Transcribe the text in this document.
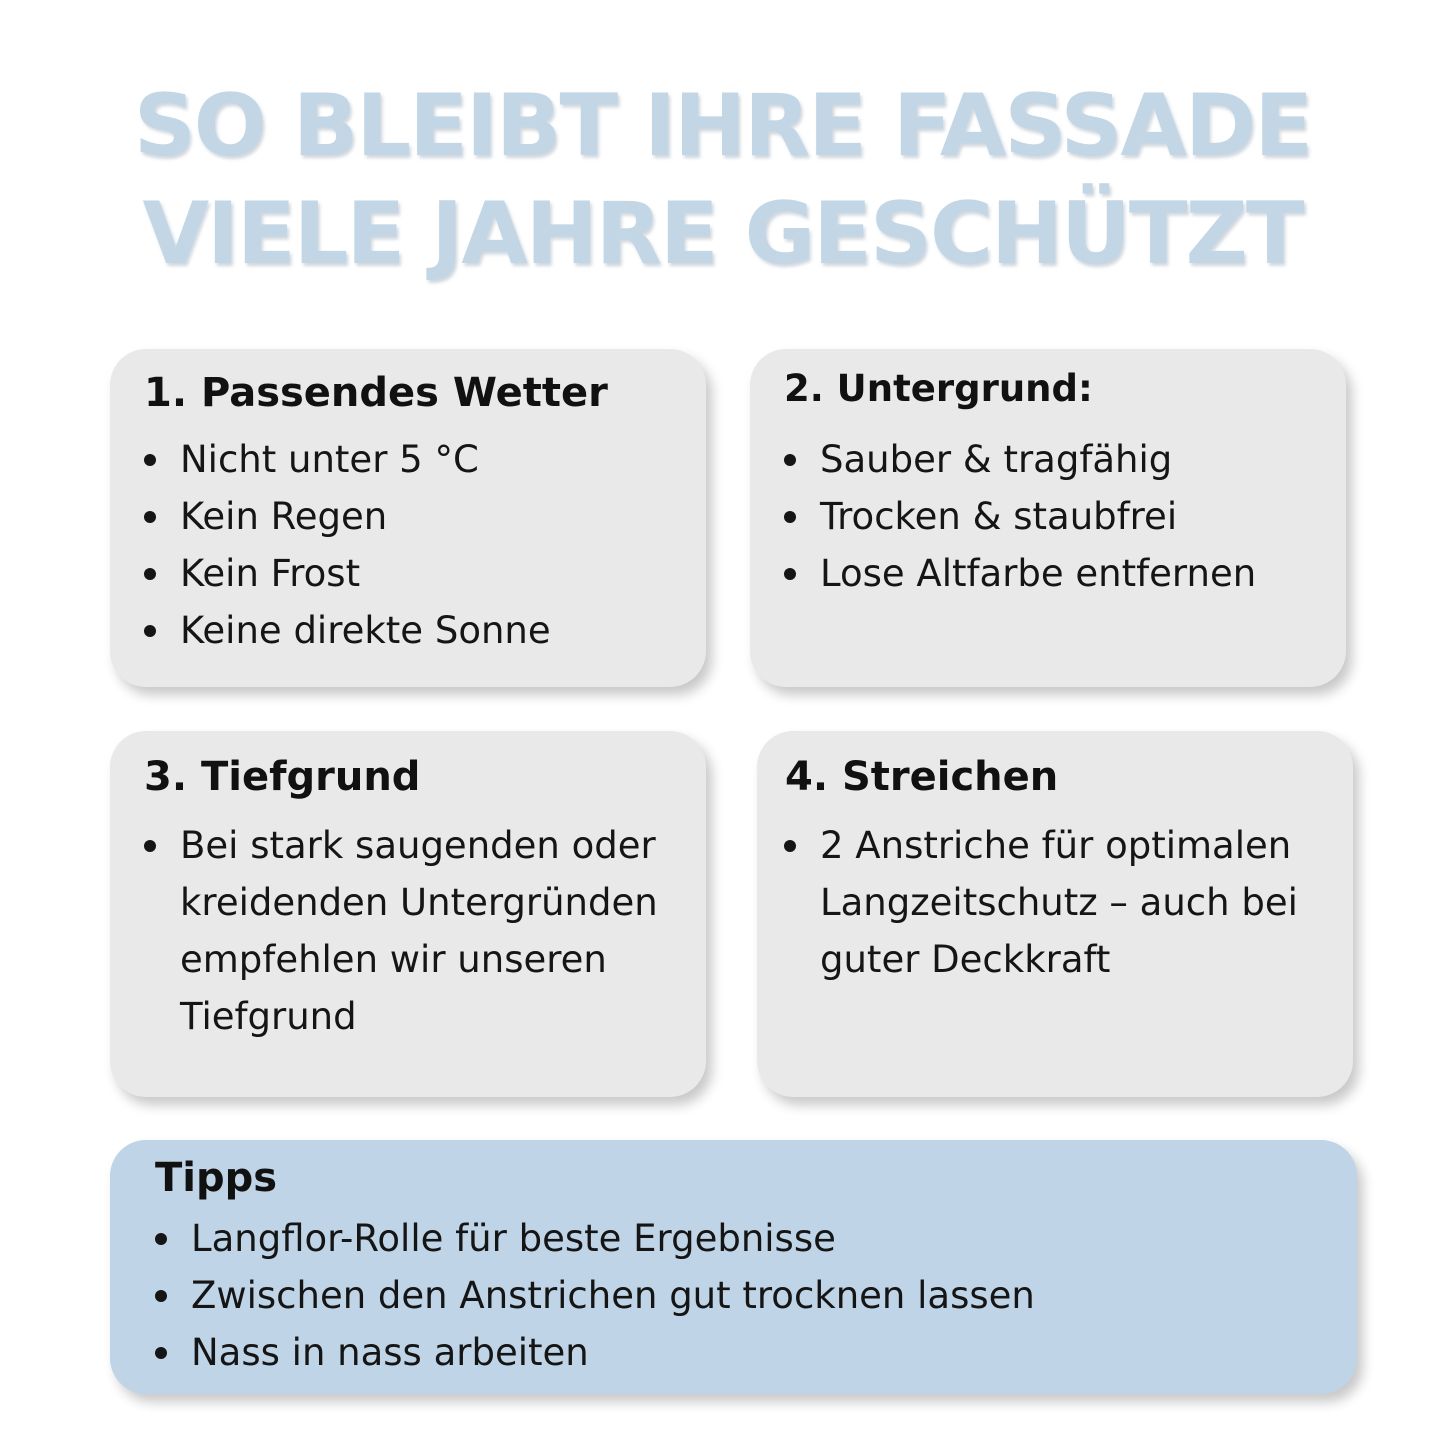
SO BLEIBT IHRE FASSADE
VIELE JAHRE GESCHÜTZT
1. Passendes Wetter
Nicht unter 5 °C
Kein Regen
Kein Frost
Keine direkte Sonne
2. Untergrund:
Sauber & tragfähig
Trocken & staubfrei
Lose Altfarbe entfernen
3. Tiefgrund
Bei stark saugenden oder kreidenden Untergründen empfehlen wir unseren Tiefgrund
4. Streichen
2 Anstriche für optimalen Langzeitschutz – auch bei guter Deckkraft
Tipps
Langflor-Rolle für beste Ergebnisse
Zwischen den Anstrichen gut trocknen lassen
Nass in nass arbeiten
